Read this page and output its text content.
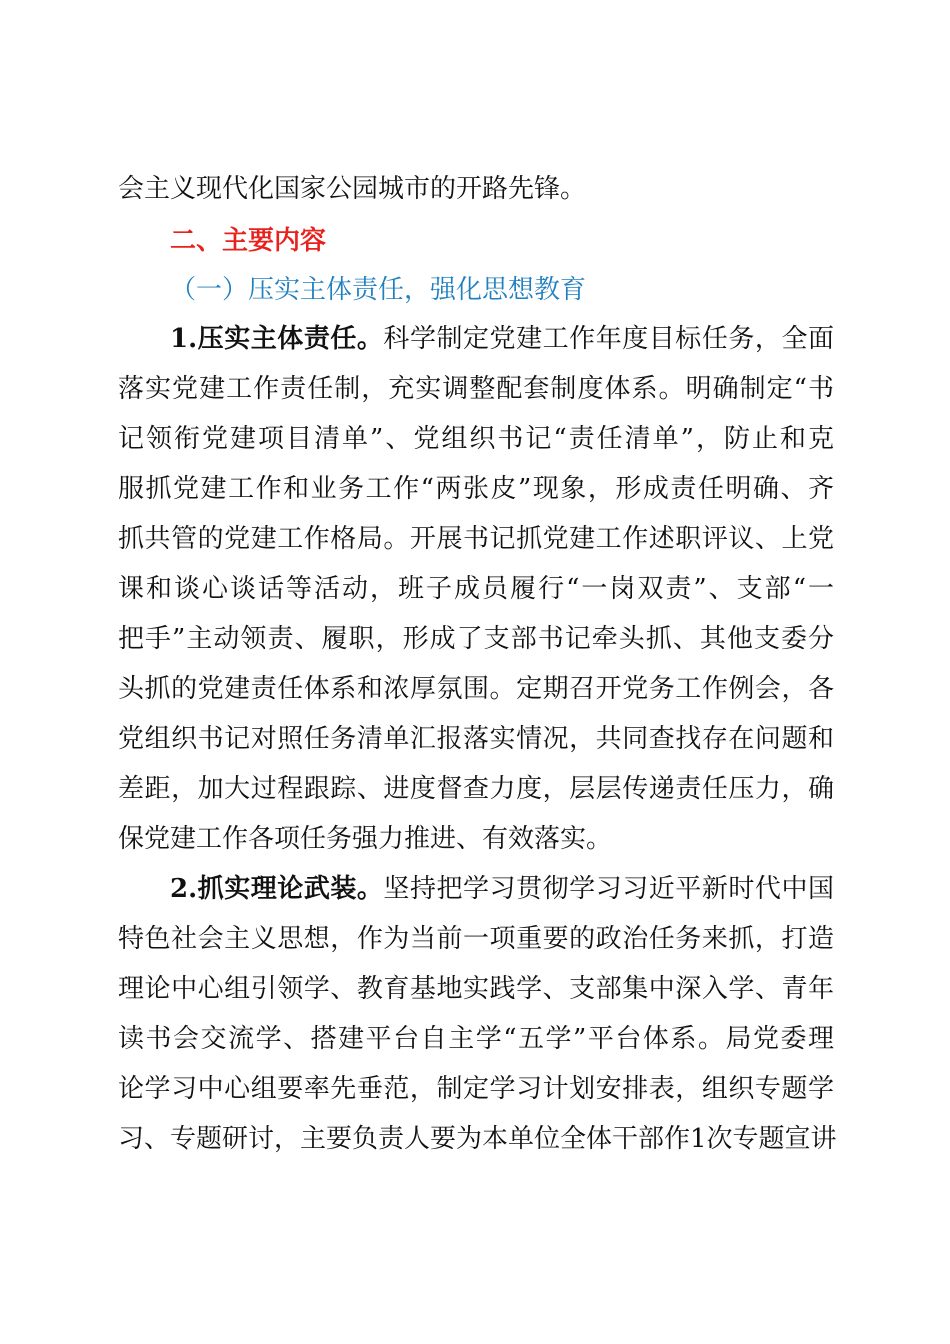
会主义现代化国家公园城市的开路先锋。
二、主要内容
（一）压实主体责任，强化思想教育
1.压实主体责任。科学制定党建工作年度目标任务，全面
落实党建工作责任制，充实调整配套制度体系。明确制定“书
记领衔党建项目清单”、党组织书记“责任清单”，防止和克
服抓党建工作和业务工作“两张皮”现象，形成责任明确、齐
抓共管的党建工作格局。开展书记抓党建工作述职评议、上党
课和谈心谈话等活动，班子成员履行“一岗双责”、支部“一
把手”主动领责、履职，形成了支部书记牵头抓、其他支委分
头抓的党建责任体系和浓厚氛围。定期召开党务工作例会，各
党组织书记对照任务清单汇报落实情况，共同查找存在问题和
差距，加大过程跟踪、进度督查力度，层层传递责任压力，确
保党建工作各项任务强力推进、有效落实。
2.抓实理论武装。坚持把学习贯彻学习习近平新时代中国
特色社会主义思想，作为当前一项重要的政治任务来抓，打造
理论中心组引领学、教育基地实践学、支部集中深入学、青年
读书会交流学、搭建平台自主学“五学”平台体系。局党委理
论学习中心组要率先垂范，制定学习计划安排表，组织专题学
习、专题研讨，主要负责人要为本单位全体干部作1次专题宣讲
